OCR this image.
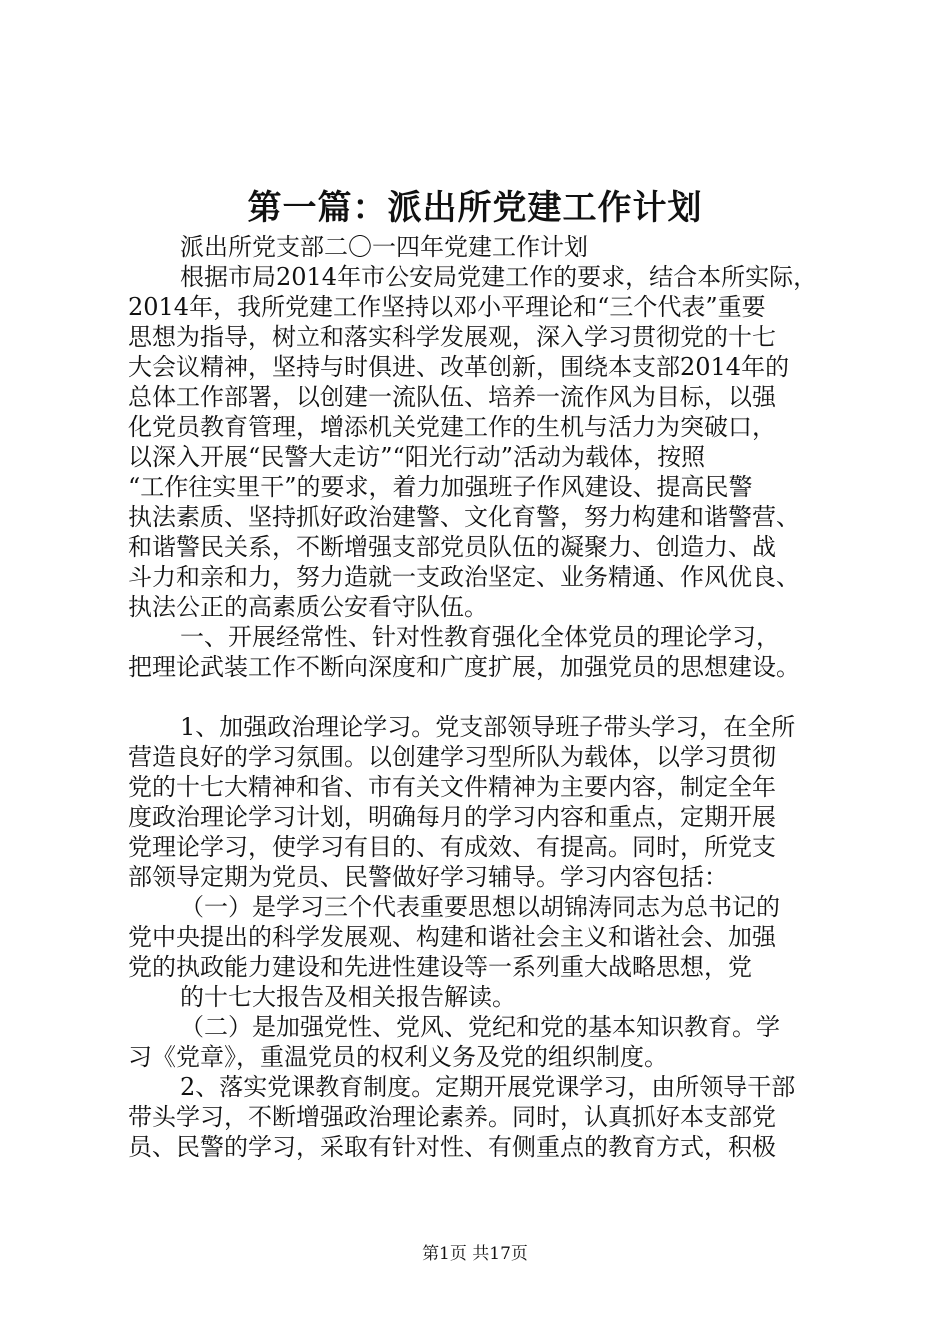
第一篇：派出所党建工作计划
派出所党支部二〇一四年党建工作计划
根据市局2014年市公安局党建工作的要求，结合本所实际，
2014年，我所党建工作坚持以邓小平理论和“三个代表”重要
思想为指导，树立和落实科学发展观，深入学习贯彻党的十七
大会议精神，坚持与时俱进、改革创新，围绕本支部2014年的
总体工作部署，以创建一流队伍、培养一流作风为目标，以强
化党员教育管理，增添机关党建工作的生机与活力为突破口，
以深入开展“民警大走访”“阳光行动”活动为载体，按照
“工作往实里干”的要求，着力加强班子作风建设、提高民警
执法素质、坚持抓好政治建警、文化育警，努力构建和谐警营、
和谐警民关系，不断增强支部党员队伍的凝聚力、创造力、战
斗力和亲和力，努力造就一支政治坚定、业务精通、作风优良、
执法公正的高素质公安看守队伍。
一、开展经常性、针对性教育强化全体党员的理论学习，
把理论武装工作不断向深度和广度扩展，加强党员的思想建设。
1、加强政治理论学习。党支部领导班子带头学习，在全所
营造良好的学习氛围。以创建学习型所队为载体，以学习贯彻
党的十七大精神和省、市有关文件精神为主要内容，制定全年
度政治理论学习计划，明确每月的学习内容和重点，定期开展
党理论学习，使学习有目的、有成效、有提高。同时，所党支
部领导定期为党员、民警做好学习辅导。学习内容包括：
（一）是学习三个代表重要思想以胡锦涛同志为总书记的
党中央提出的科学发展观、构建和谐社会主义和谐社会、加强
党的执政能力建设和先进性建设等一系列重大战略思想，党
的十七大报告及相关报告解读。
（二）是加强党性、党风、党纪和党的基本知识教育。学
习《党章》，重温党员的权利义务及党的组织制度。
2、落实党课教育制度。定期开展党课学习，由所领导干部
带头学习，不断增强政治理论素养。同时，认真抓好本支部党
员、民警的学习，采取有针对性、有侧重点的教育方式，积极
第1页 共17页
